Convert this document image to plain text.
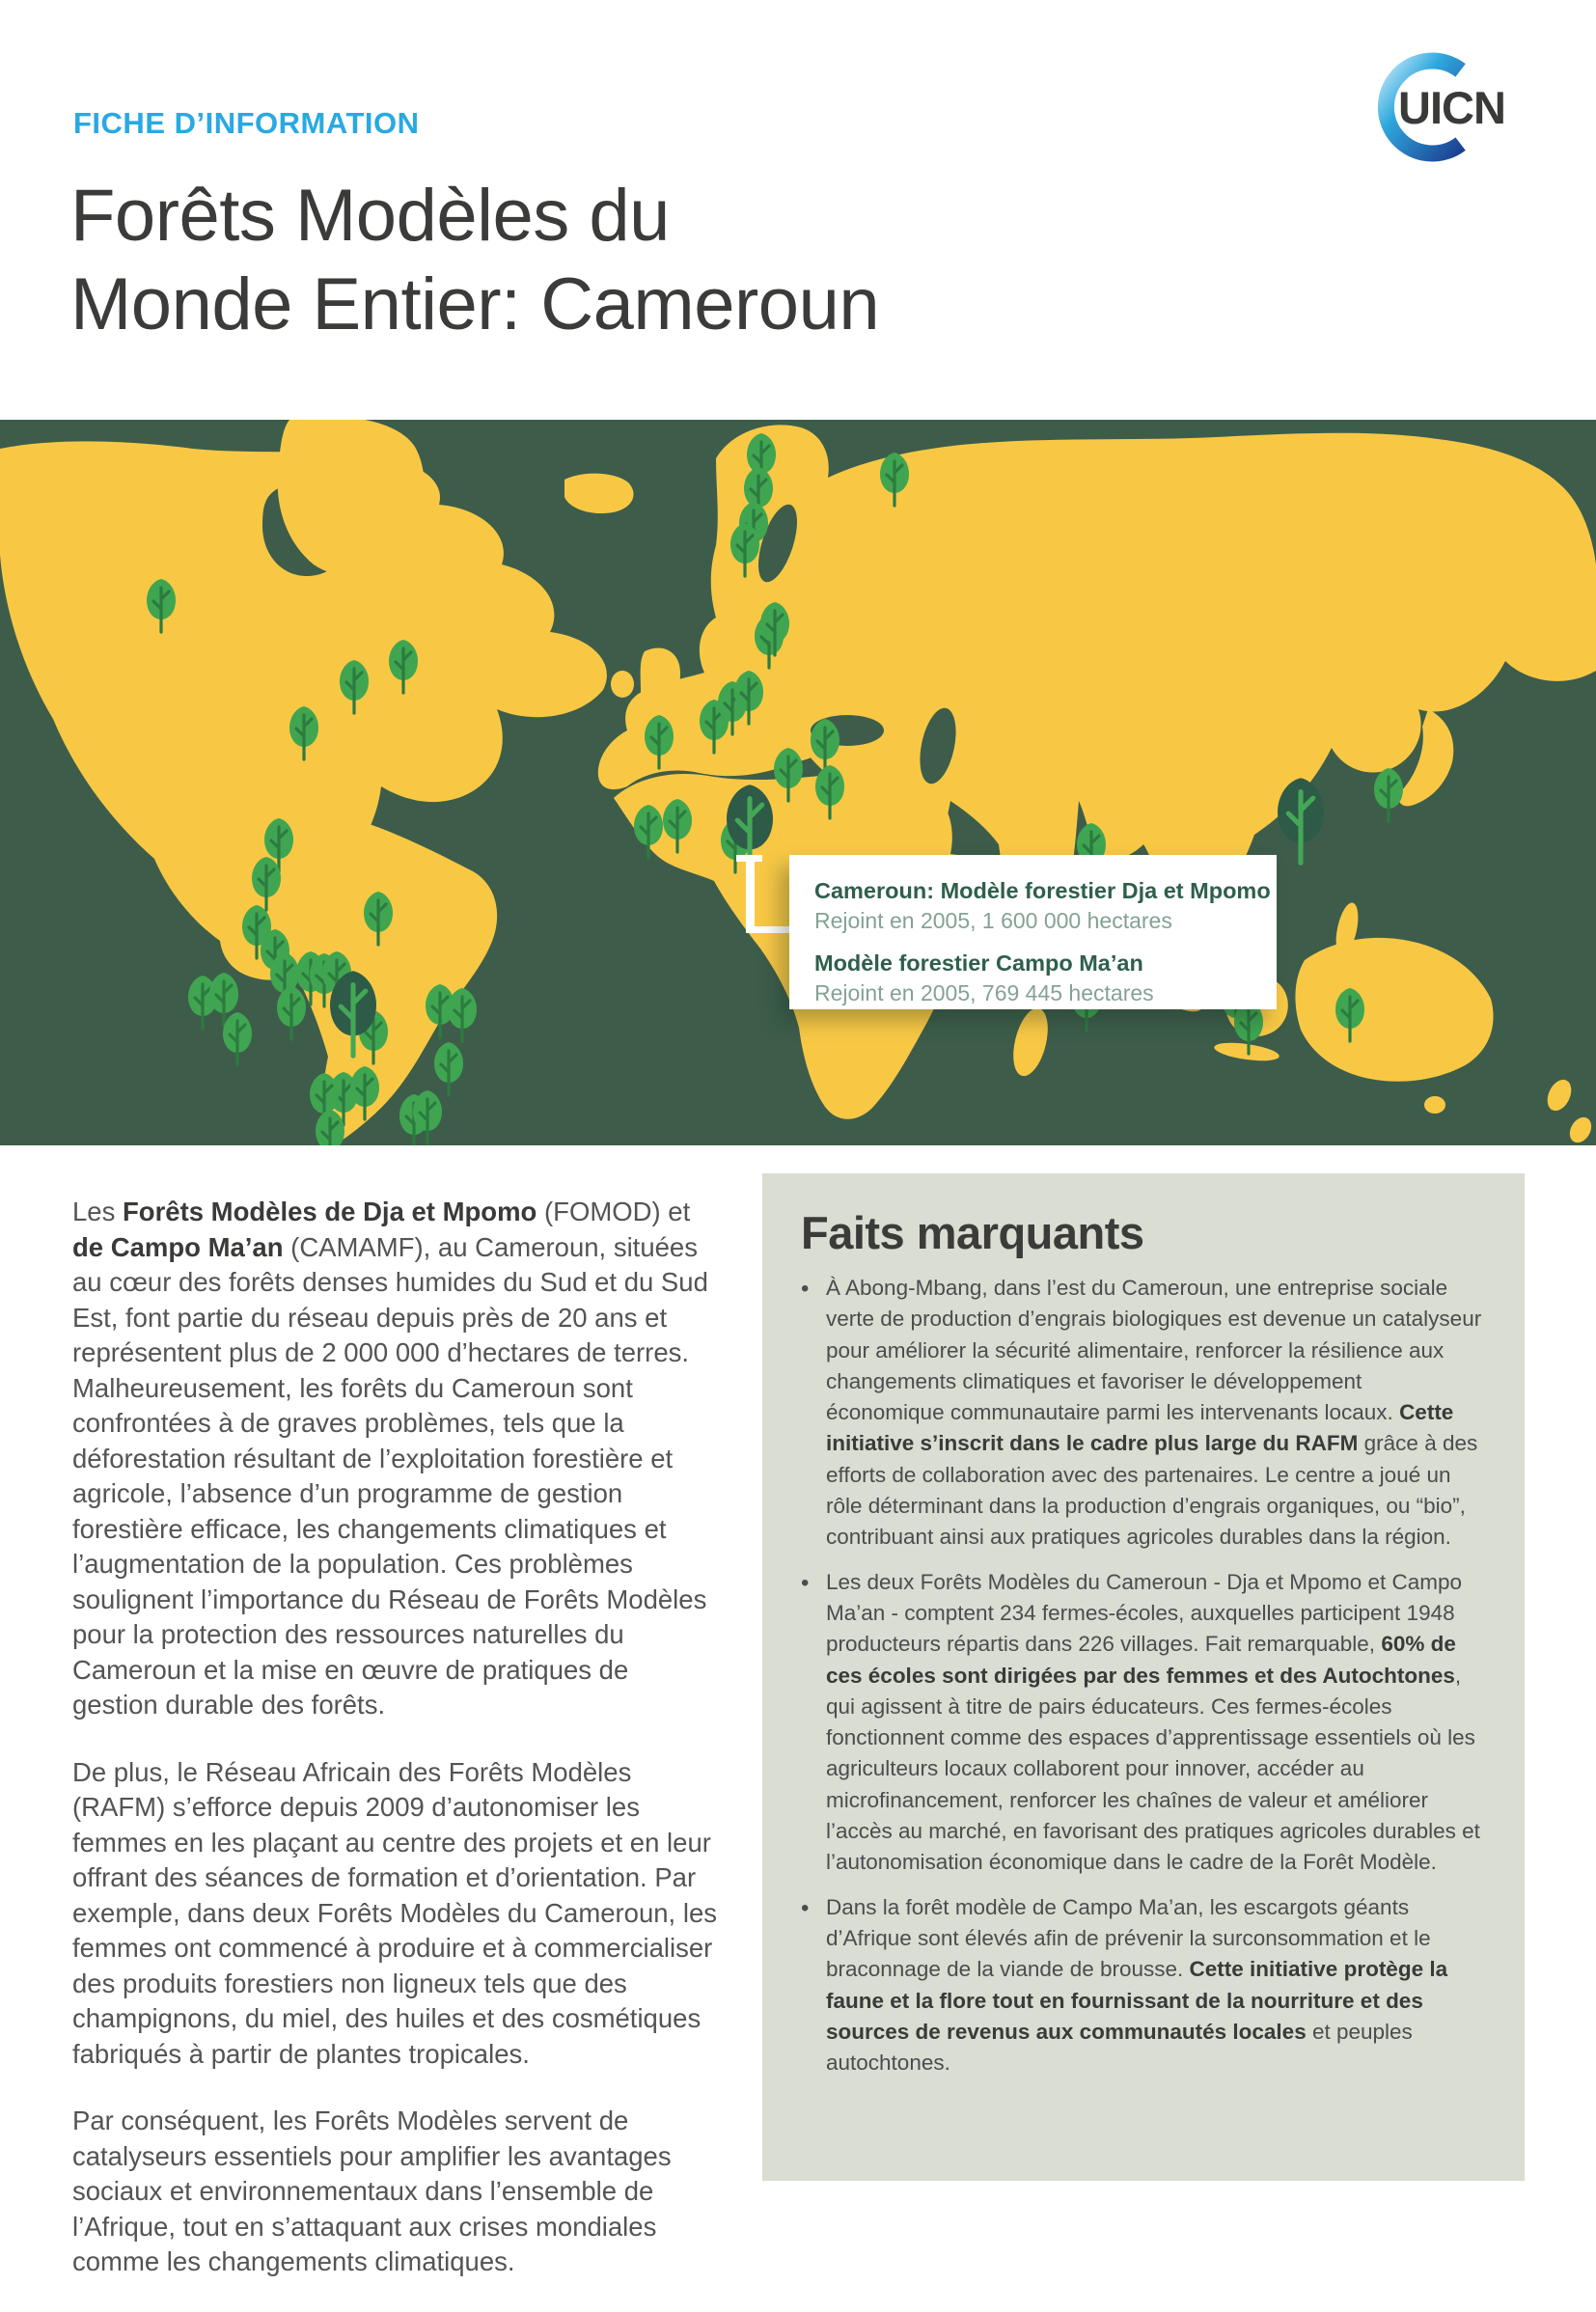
FICHE D’INFORMATION
Forêts Modèles du
Monde Entier: Cameroun
UICN
Cameroun: Modèle forestier Dja et Mpomo
Rejoint en 2005, 1 600 000 hectares
Modèle forestier Campo Ma’an
Rejoint en 2005, 769 445 hectares

Les Forêts Modèles de Dja et Mpomo (FOMOD) et de Campo Ma’an (CAMAMF), au Cameroun, situées au cœur des forêts denses humides du Sud et du Sud Est, font partie du réseau depuis près de 20 ans et représentent plus de 2 000 000 d’hectares de terres. Malheureusement, les forêts du Cameroun sont confrontées à de graves problèmes, tels que la déforestation résultant de l’exploitation forestière et agricole, l’absence d’un programme de gestion forestière efficace, les changements climatiques et l’augmentation de la population. Ces problèmes soulignent l’importance du Réseau de Forêts Modèles pour la protection des ressources naturelles du Cameroun et la mise en œuvre de pratiques de gestion durable des forêts.

De plus, le Réseau Africain des Forêts Modèles (RAFM) s’efforce depuis 2009 d’autonomiser les femmes en les plaçant au centre des projets et en leur offrant des séances de formation et d’orientation. Par exemple, dans deux Forêts Modèles du Cameroun, les femmes ont commencé à produire et à commercialiser des produits forestiers non ligneux tels que des champignons, du miel, des huiles et des cosmétiques fabriqués à partir de plantes tropicales.

Par conséquent, les Forêts Modèles servent de catalyseurs essentiels pour amplifier les avantages sociaux et environnementaux dans l’ensemble de l’Afrique, tout en s’attaquant aux crises mondiales comme les changements climatiques.

Faits marquants
• À Abong-Mbang, dans l’est du Cameroun, une entreprise sociale verte de production d’engrais biologiques est devenue un catalyseur pour améliorer la sécurité alimentaire, renforcer la résilience aux changements climatiques et favoriser le développement économique communautaire parmi les intervenants locaux. Cette initiative s’inscrit dans le cadre plus large du RAFM grâce à des efforts de collaboration avec des partenaires. Le centre a joué un rôle déterminant dans la production d’engrais organiques, ou “bio”, contribuant ainsi aux pratiques agricoles durables dans la région.
• Les deux Forêts Modèles du Cameroun - Dja et Mpomo et Campo Ma’an - comptent 234 fermes-écoles, auxquelles participent 1948 producteurs répartis dans 226 villages. Fait remarquable, 60% de ces écoles sont dirigées par des femmes et des Autochtones, qui agissent à titre de pairs éducateurs. Ces fermes-écoles fonctionnent comme des espaces d’apprentissage essentiels où les agriculteurs locaux collaborent pour innover, accéder au microfinancement, renforcer les chaînes de valeur et améliorer l’accès au marché, en favorisant des pratiques agricoles durables et l’autonomisation économique dans le cadre de la Forêt Modèle.
• Dans la forêt modèle de Campo Ma’an, les escargots géants d’Afrique sont élevés afin de prévenir la surconsommation et le braconnage de la viande de brousse. Cette initiative protège la faune et la flore tout en fournissant de la nourriture et des sources de revenus aux communautés locales et peuples autochtones.
